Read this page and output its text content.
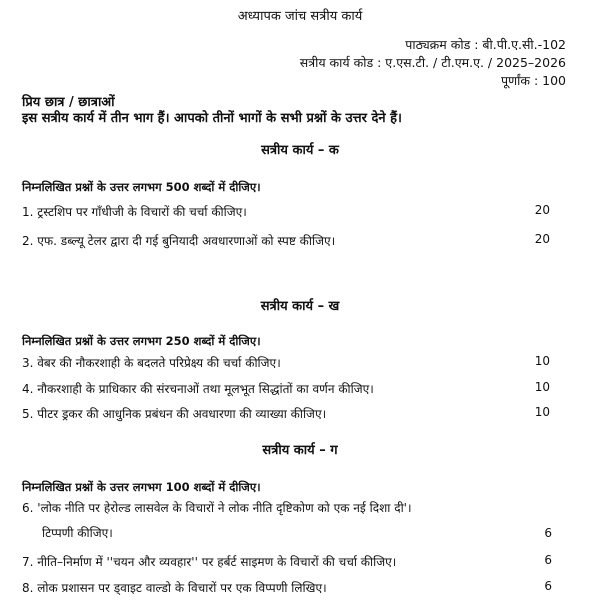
अध्यापक जांच सत्रीय कार्य
पाठ्यक्रम कोड : बी.पी.ए.सी.-102
सत्रीय कार्य कोड : ए.एस.टी. / टी.एम.ए. / 2025–2026
पूर्णांक : 100
प्रिय छात्र / छात्राओं
इस सत्रीय कार्य में तीन भाग हैं। आपको तीनों भागों के सभी प्रश्नों के उत्तर देने हैं।
सत्रीय कार्य – क
निम्नलिखित प्रश्नों के उत्तर लगभग 500 शब्दों में दीजिए।
1. ट्रस्टशिप पर गाँधीजी के विचारों की चर्चा कीजिए।	20
2. एफ. डब्ल्यू टेलर द्वारा दी गई बुनियादी अवधारणाओं को स्पष्ट कीजिए।	20
सत्रीय कार्य – ख
निम्नलिखित प्रश्नों के उत्तर लगभग 250 शब्दों में दीजिए।
3. वेबर की नौकरशाही के बदलते परिप्रेक्ष्य की चर्चा कीजिए।	10
4. नौकरशाही के प्राधिकार की संरचनाओं तथा मूलभूत सिद्धांतों का वर्णन कीजिए।	10
5. पीटर ड्रकर की आधुनिक प्रबंधन की अवधारणा की व्याख्या कीजिए।	10
सत्रीय कार्य – ग
निम्नलिखित प्रश्नों के उत्तर लगभग 100 शब्दों में दीजिए।
6. 'लोक नीति पर हेरोल्ड लासवेल के विचारों ने लोक नीति दृष्टिकोण को एक नई दिशा दी'।
टिप्पणी कीजिए।	6
7. नीति–निर्माण में ''चयन और व्यवहार'' पर हर्बर्ट साइमण के विचारों की चर्चा कीजिए।	6
8. लोक प्रशासन पर ड्वाइट वाल्डो के विचारों पर एक विप्पणी लिखिए।	6
